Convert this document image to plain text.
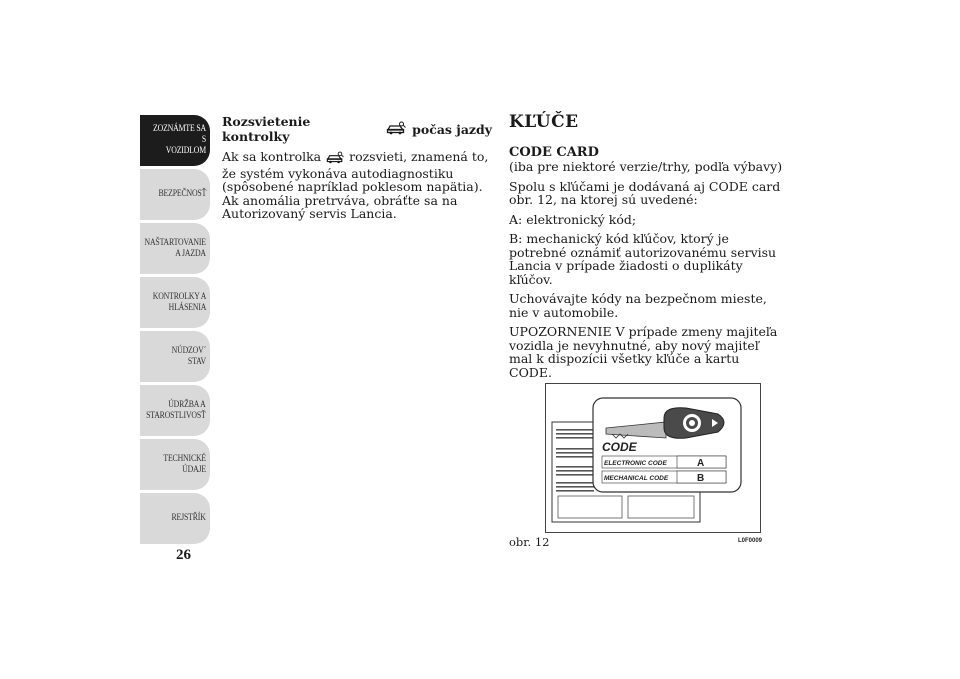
ZOZNÁMTE SA S
VOZIDLOM
BEZPEČNOSŤ
NAŠTARTOVANIE
A JAZDA
KONTROLKY A
HLÁSENIA
NÚDZOV´ STAV
ÚDRŽBA A
STAROSTLIVOSŤ
TECHNICKÉ
ÚDAJE
REJSTŘÍK
26
Rozsvietenie kontrolky	počas jazdy

Ak sa kontrolka rozsvieti, znamená to, že systém vykonáva autodiagnostiku (spôsobené napríklad poklesom napätia). Ak anomália pretrváva, obráťte sa na Autorizovaný servis Lancia.

KĽÚČE
CODE CARD
(iba pre niektoré verzie/trhy, podľa výbavy)

Spolu s kľúčami je dodávaná aj CODE card obr. 12, na ktorej sú uvedené:

A: elektronický kód;

B: mechanický kód kľúčov, ktorý je potrebné oznámiť autorizovanému servisu Lancia v prípade žiadosti o duplikáty kľúčov.

Uchovávajte kódy na bezpečnom mieste, nie v automobile.

UPOZORNENIE V prípade zmeny majiteľa vozidla je nevyhnutné, aby nový majiteľ mal k dispozícii všetky kľúče a kartu CODE.

CODE
ELECTRONIC CODE	A
MECHANICAL CODE	B
obr. 12	L0F0009
